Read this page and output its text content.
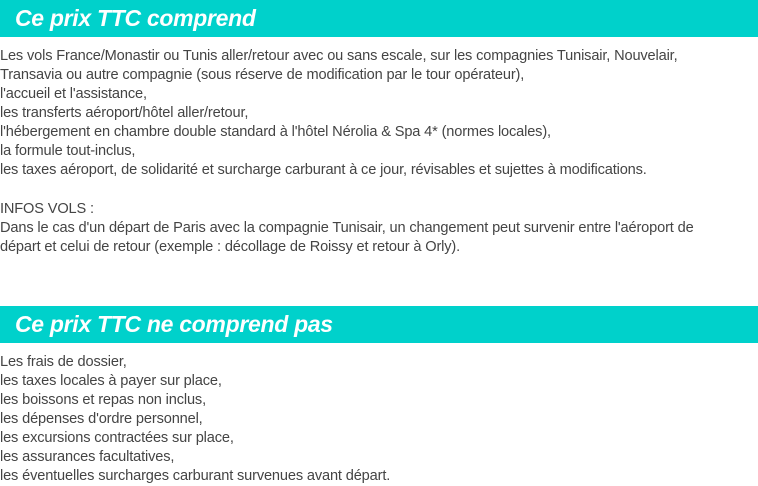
Ce prix TTC comprend
Les vols France/Monastir ou Tunis aller/retour avec ou sans escale, sur les compagnies Tunisair, Nouvelair,
Transavia ou autre compagnie (sous réserve de modification par le tour opérateur),
l'accueil et l'assistance,
les transferts aéroport/hôtel aller/retour,
l'hébergement en chambre double standard à l'hôtel Nérolia & Spa 4* (normes locales),
la formule tout-inclus,
les taxes aéroport, de solidarité et surcharge carburant à ce jour, révisables et sujettes à modifications.
INFOS VOLS :
Dans le cas d'un départ de Paris avec la compagnie Tunisair, un changement peut survenir entre l'aéroport de
départ et celui de retour (exemple : décollage de Roissy et retour à Orly).
Ce prix TTC ne comprend pas
Les frais de dossier,
les taxes locales à payer sur place,
les boissons et repas non inclus,
les dépenses d'ordre personnel,
les excursions contractées sur place,
les assurances facultatives,
les éventuelles surcharges carburant survenues avant départ.
